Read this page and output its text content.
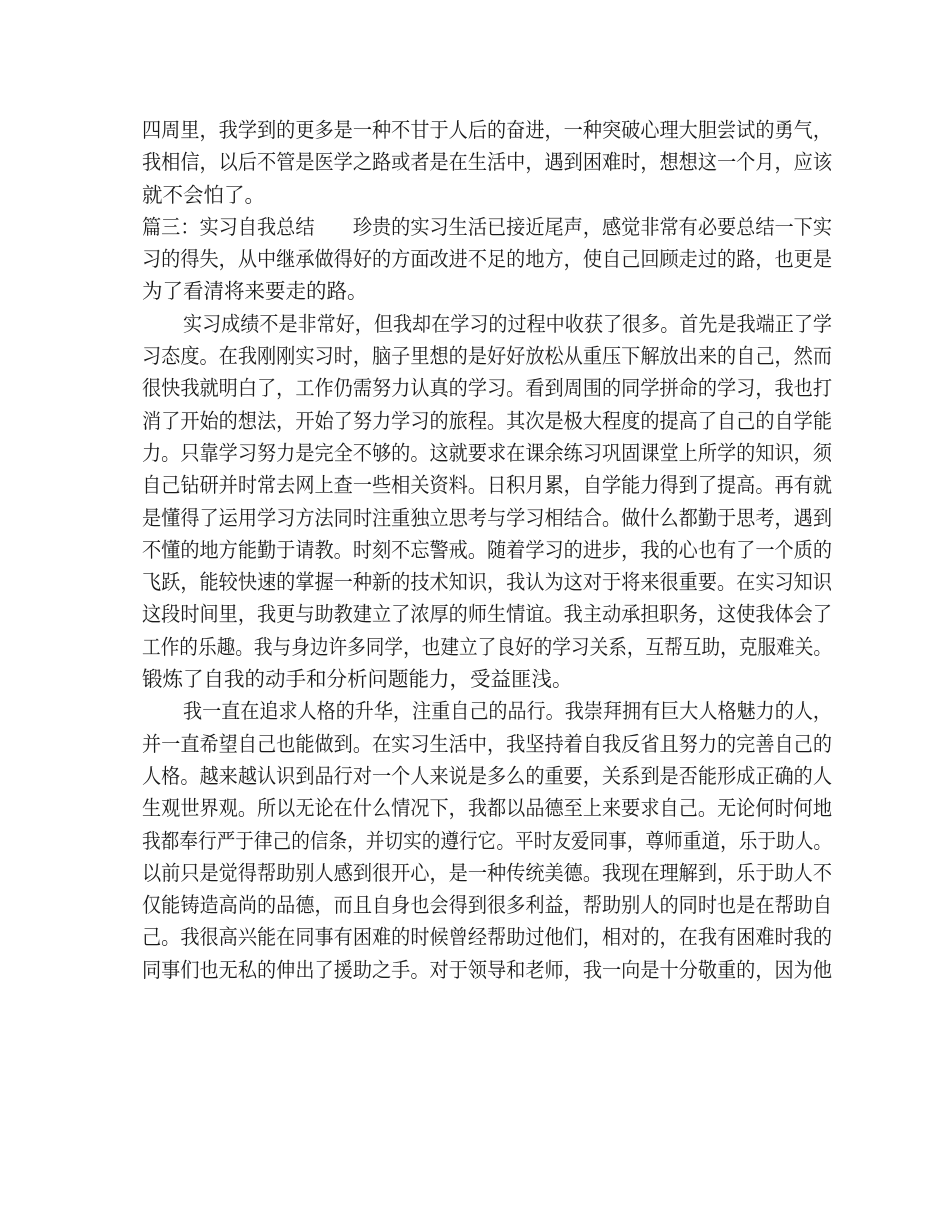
四周里，我学到的更多是一种不甘于人后的奋进，一种突破心理大胆尝试的勇气，
我相信，以后不管是医学之路或者是在生活中，遇到困难时，想想这一个月，应该
就不会怕了。
篇三：实习自我总结　　珍贵的实习生活已接近尾声，感觉非常有必要总结一下实
习的得失，从中继承做得好的方面改进不足的地方，使自己回顾走过的路，也更是
为了看清将来要走的路。
实习成绩不是非常好，但我却在学习的过程中收获了很多。首先是我端正了学
习态度。在我刚刚实习时，脑子里想的是好好放松从重压下解放出来的自己，然而
很快我就明白了，工作仍需努力认真的学习。看到周围的同学拼命的学习，我也打
消了开始的想法，开始了努力学习的旅程。其次是极大程度的提高了自己的自学能
力。只靠学习努力是完全不够的。这就要求在课余练习巩固课堂上所学的知识，须
自己钻研并时常去网上查一些相关资料。日积月累，自学能力得到了提高。再有就
是懂得了运用学习方法同时注重独立思考与学习相结合。做什么都勤于思考，遇到
不懂的地方能勤于请教。时刻不忘警戒。随着学习的进步，我的心也有了一个质的
飞跃，能较快速的掌握一种新的技术知识，我认为这对于将来很重要。在实习知识
这段时间里，我更与助教建立了浓厚的师生情谊。我主动承担职务，这使我体会了
工作的乐趣。我与身边许多同学，也建立了良好的学习关系，互帮互助，克服难关。
锻炼了自我的动手和分析问题能力，受益匪浅。
我一直在追求人格的升华，注重自己的品行。我崇拜拥有巨大人格魅力的人，
并一直希望自己也能做到。在实习生活中，我坚持着自我反省且努力的完善自己的
人格。越来越认识到品行对一个人来说是多么的重要，关系到是否能形成正确的人
生观世界观。所以无论在什么情况下，我都以品德至上来要求自己。无论何时何地
我都奉行严于律己的信条，并切实的遵行它。平时友爱同事，尊师重道，乐于助人。
以前只是觉得帮助别人感到很开心，是一种传统美德。我现在理解到，乐于助人不
仅能铸造高尚的品德，而且自身也会得到很多利益，帮助别人的同时也是在帮助自
己。我很高兴能在同事有困难的时候曾经帮助过他们，相对的，在我有困难时我的
同事们也无私的伸出了援助之手。对于领导和老师，我一向是十分敬重的，因为他
